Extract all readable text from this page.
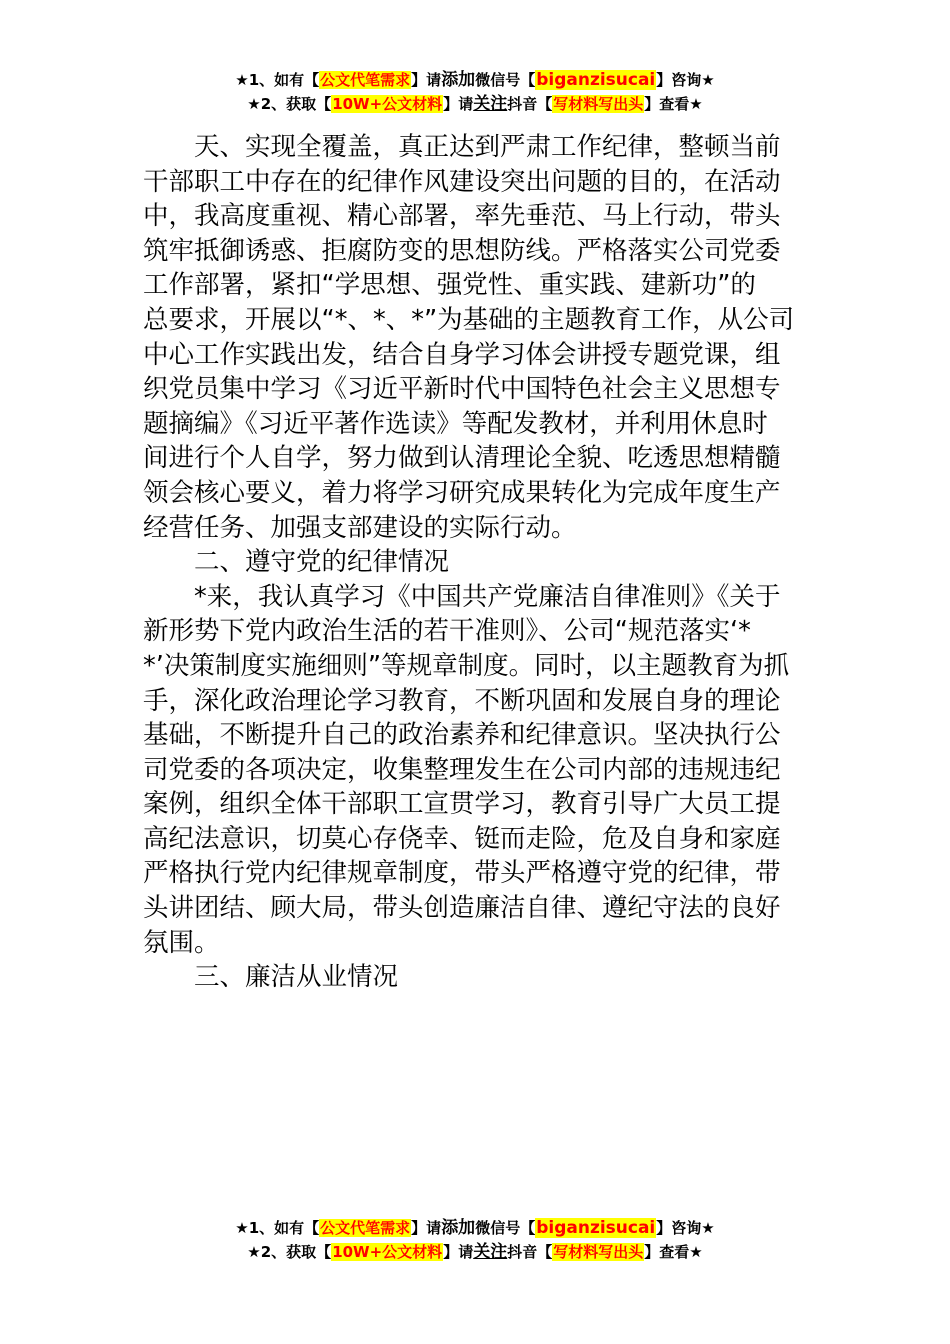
★1、如有【公文代笔需求】请添加微信号【biganzisucai】咨询★
★2、获取【10W+公文材料】请关注抖音【写材料写出头】查看★
天、实现全覆盖，真正达到严肃工作纪律，整顿当前
干部职工中存在的纪律作风建设突出问题的目的，在活动
中，我高度重视、精心部署，率先垂范、马上行动，带头
筑牢抵御诱惑、拒腐防变的思想防线。严格落实公司党委
工作部署，紧扣“学思想、强党性、重实践、建新功”的
总要求，开展以“*、*、*”为基础的主题教育工作，从公司
中心工作实践出发，结合自身学习体会讲授专题党课，组
织党员集中学习《习近平新时代中国特色社会主义思想专
题摘编》《习近平著作选读》等配发教材，并利用休息时
间进行个人自学，努力做到认清理论全貌、吃透思想精髓
领会核心要义，着力将学习研究成果转化为完成年度生产
经营任务、加强支部建设的实际行动。
二、遵守党的纪律情况
*来，我认真学习《中国共产党廉洁自律准则》《关于
新形势下党内政治生活的若干准则》、公司“规范落实‘*
*’决策制度实施细则”等规章制度。同时，以主题教育为抓
手，深化政治理论学习教育，不断巩固和发展自身的理论
基础，不断提升自己的政治素养和纪律意识。坚决执行公
司党委的各项决定，收集整理发生在公司内部的违规违纪
案例，组织全体干部职工宣贯学习，教育引导广大员工提
高纪法意识，切莫心存侥幸、铤而走险，危及自身和家庭
严格执行党内纪律规章制度，带头严格遵守党的纪律，带
头讲团结、顾大局，带头创造廉洁自律、遵纪守法的良好
氛围。
三、廉洁从业情况
★1、如有【公文代笔需求】请添加微信号【biganzisucai】咨询★
★2、获取【10W+公文材料】请关注抖音【写材料写出头】查看★
